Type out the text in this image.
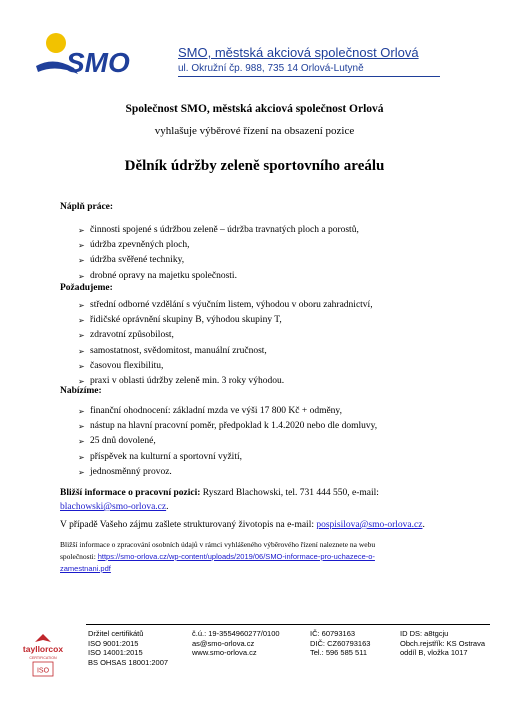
SMO	SMO, městská akciová společnost Orlová
ul. Okružní čp. 988, 735 14 Orlová-Lutyně
Společnost SMO, městská akciová společnost Orlová
vyhlašuje výběrové řízení na obsazení pozice
Dělník údržby zeleně sportovního areálu
Náplň práce:
➢ činnosti spojené s údržbou zeleně – údržba travnatých ploch a porostů,
➢ údržba zpevněných ploch,
➢ údržba svěřené techniky,
➢ drobné opravy na majetku společnosti.
Požadujeme:
➢ střední odborné vzdělání s výučním listem, výhodou v oboru zahradnictví,
➢ řidičské oprávnění skupiny B, výhodou skupiny T,
➢ zdravotní způsobilost,
➢ samostatnost, svědomitost, manuální zručnost,
➢ časovou flexibilitu,
➢ praxi v oblasti údržby zeleně min. 3 roky výhodou.
Nabízíme:
➢ finanční ohodnocení: základní mzda ve výši 17 800 Kč + odměny,
➢ nástup na hlavní pracovní poměr, předpoklad k 1.4.2020 nebo dle domluvy,
➢ 25 dnů dovolené,
➢ příspěvek na kulturní a sportovní vyžití,
➢ jednosměnný provoz.
Bližší informace o pracovní pozici: Ryszard Blachowski, tel. 731 444 550, e-mail:
blachowski@smo-orlova.cz.
V případě Vašeho zájmu zašlete strukturovaný životopis na e-mail: pospisilova@smo-orlova.cz.
Bližší informace o zpracování osobních údajů v rámci vyhlášeného výběrového řízení naleznete na webu
společnosti: https://smo-orlova.cz/wp-content/uploads/2019/06/SMO-informace-pro-uchazece-o-
zamestnani.pdf
tayllorcox
CERTIFICATION
ISO
Držitel certifikátů
ISO 9001:2015
ISO 14001:2015
BS OHSAS 18001:2007
č.ú.: 19-3554960277/0100
as@smo-orlova.cz
www.smo-orlova.cz
IČ: 60793163
DIČ: CZ60793163
Tel.: 596 585 511
ID DS: a8tgcju
Obch.rejstřík: KS Ostrava
oddíl B, vložka 1017
